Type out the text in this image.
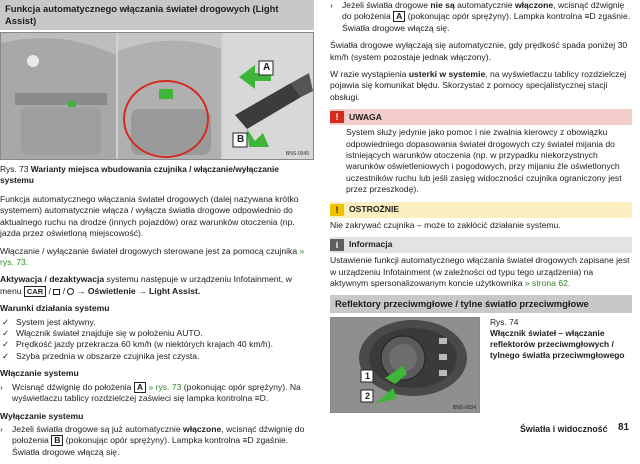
Funkcja automatycznego włączania świateł drogowych (Light Assist)
A
B
BNS-0045
Rys. 73 Warianty miejsca wbudowania czujnika / włączanie/wyłączanie systemu

Funkcja automatycznego włączania świateł drogowych (dalej nazywana krótko systemem) automatycznie włącza / wyłącza światła drogowe odpowiednio do aktualnego ruchu na drodze (innych pojazdów) oraz warunków otoczenia (np. jazda przez oświetloną miejscowość).

Włączanie / wyłączanie świateł drogowych sterowane jest za pomocą czujnika » rys. 73.

Aktywacja / dezaktywacja systemu następuje w urządzeniu Infotainment, w menu CAR / / → Oświetlenie → Light Assist.

Warunki działania systemu
✓ System jest aktywny.
✓ Włącznik świateł znajduje się w położeniu AUTO.
✓ Prędkość jazdy przekracza 60 km/h (w niektórych krajach 40 km/h).
✓ Szyba przednia w obszarze czujnika jest czysta.
Włączanie systemu

› Wcisnąć dźwignię do położenia A » rys. 73 (pokonując opór sprężyny). Na wyświetlaczu tablicy rozdzielczej zaświeci się lampka kontrolna ≡D.

Wyłączanie systemu

› Jeżeli światła drogowe są już automatycznie włączone, wcisnąć dźwignię do położenia B (pokonując opór sprężyny). Lampka kontrolna ≡D zgaśnie. Światła drogowe włączą się.

› Jeżeli światła drogowe nie są automatycznie włączone, wcisnąć dźwignię do położenia A (pokonując opór sprężyny). Lampka kontrolna ≡D zgaśnie. Światła drogowe włączą się.

Światła drogowe wyłączają się automatycznie, gdy prędkość spada poniżej 30 km/h (system pozostaje jednak włączony).

W razie wystąpienia usterki w systemie, na wyświetlaczu tablicy rozdzielczej pojawia się komunikat błędu. Skorzystać z pomocy specjalistycznej stacji obsługi.

!	UWAGA

System służy jedynie jako pomoc i nie zwalnia kierowcy z obowiązku odpowiedniego dopasowania świateł drogowych czy świateł mijania do istniejących warunków otoczenia (np. w przypadku niekorzystnych warunków oświetleniowych i pogodowych, przy mijaniu źle oświetlonych uczestników ruchu lub jeśli zasięg widoczności czujnika ograniczony jest przez przeszkodę).

!	OSTROŻNIE

Nie zakrywać czujnika – może to zakłócić działanie systemu.

i	Informacja

Ustawienie funkcji automatycznego włączania świateł drogowych zapisane jest w urządzeniu Infotainment (w zależności od typu tego urządzenia) na aktywnym spersonalizowanym koncie użytkownika » strona 62.

Reflektory przeciwmgłowe / tylne światło przeciwmgłowe
1
2
BNS-0034
Rys. 74
Włącznik świateł – włączanie reflektorów przeciwmgłowych / tylnego światła przeciwmgłowego
Światła i widoczność 81
